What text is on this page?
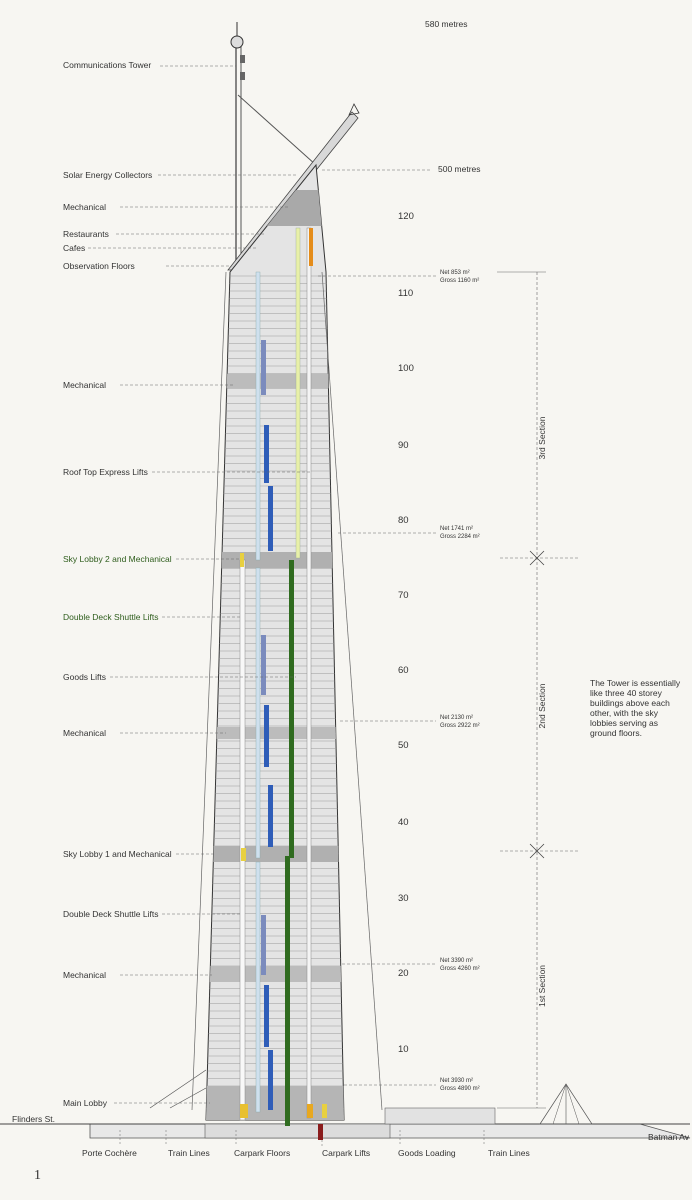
580 metres
500 metres
Communications Tower
Solar Energy Collectors
Mechanical
Restaurants
Cafes
Observation Floors
Mechanical
Roof Top Express Lifts
Sky Lobby 2 and Mechanical
Double Deck Shuttle Lifts
Goods Lifts
Mechanical
Sky Lobby 1 and Mechanical
Double Deck Shuttle Lifts
Mechanical
Main Lobby
120
110
100
90
80
70
60
50
40
30
20
10
Net 853 m²
Gross 1160 m²
Net 1741 m²
Gross 2284 m²
Net 2130 m²
Gross 2922 m²
Net 3390 m²
Gross 4260 m²
Net 3930 m²
Gross 4890 m²
3rd Section
2nd Section
1st Section
Flinders St.
Batman Av
Porte Cochère	Train Lines	Carpark Floors	Carpark Lifts	Goods Loading	Train Lines
The Tower is essentially like three 40 storey buildings above each other, with the sky lobbies serving as ground floors.
1
